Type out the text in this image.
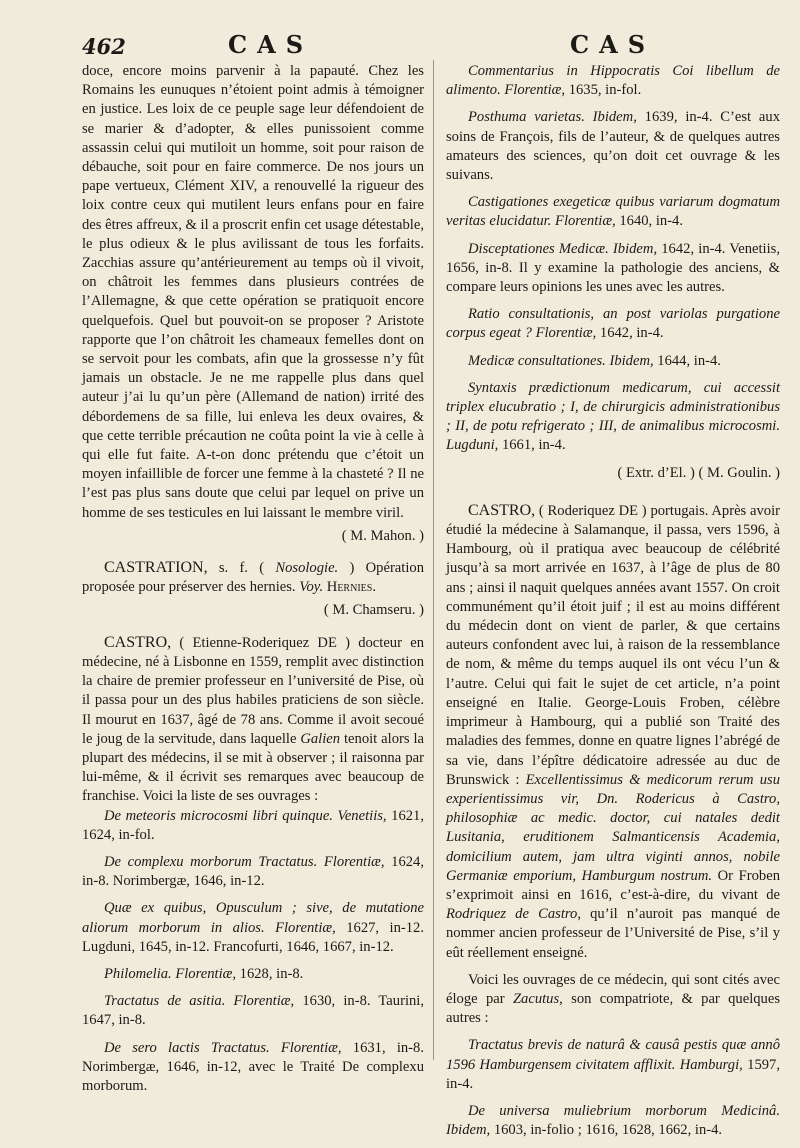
462	CAS	CAS

doce, encore moins parvenir à la papauté. Chez les Romains les eunuques n’étoient point admis à témoigner en justice. Les loix de ce peuple sage leur défendoient de se marier & d’adopter, & elles punissoient comme assassin celui qui mutiloit un homme, soit pour raison de débauche, soit pour en faire commerce. De nos jours un pape vertueux, Clément XIV, a renouvellé la rigueur des loix contre ceux qui mutilent leurs enfans pour en faire des êtres affreux, & il a proscrit enfin cet usage détestable, le plus odieux & le plus avilissant de tous les forfaits. Zacchias assure qu’antérieurement au temps où il vivoit, on châtroit les femmes dans plusieurs contrées de l’Allemagne, & que cette opération se pratiquoit encore quelquefois. Quel but pouvoit-on se proposer ? Aristote rapporte que l’on châtroit les chameaux femelles dont on se servoit pour les combats, afin que la grossesse n’y fût jamais un obstacle. Je ne me rappelle plus dans quel auteur j’ai lu qu’un père (Allemand de nation) irrité des débordemens de sa fille, lui enleva les deux ovaires, & que cette terrible précaution ne coûta point la vie à celle à qui elle fut faite. A-t-on donc prétendu que c’étoit un moyen infaillible de forcer une femme à la chasteté ? Il ne l’est pas plus sans doute que celui par lequel on prive un homme de ses testicules en lui laissant le membre viril.

( M. Mahon. )

CASTRATION, s. f. ( Nosologie. ) Opération proposée pour préserver des hernies. Voy. Hernies.

( M. Chamseru. )

CASTRO, ( Etienne-Roderiquez DE ) docteur en médecine, né à Lisbonne en 1559, remplit avec distinction la chaire de premier professeur en l’université de Pise, où il passa pour un des plus habiles praticiens de son siècle. Il mourut en 1637, âgé de 78 ans. Comme il avoit secoué le joug de la servitude, dans laquelle Galien tenoit alors la plupart des médecins, il se mit à observer ; il raisonna par lui-même, & il écrivit ses remarques avec beaucoup de franchise. Voici la liste de ses ouvrages :

De meteoris microcosmi libri quinque. Venetiis, 1621, 1624, in-fol.

De complexu morborum Tractatus. Florentiæ, 1624, in-8. Norimbergæ, 1646, in-12.

Quæ ex quibus, Opusculum ; sive, de mutatione aliorum morborum in alios. Florentiæ, 1627, in-12. Lugduni, 1645, in-12. Francofurti, 1646, 1667, in-12.

Philomelia. Florentiæ, 1628, in-8.

Tractatus de asitia. Florentiæ, 1630, in-8. Taurini, 1647, in-8.

De sero lactis Tractatus. Florentiæ, 1631, in-8. Norimbergæ, 1646, in-12, avec le Traité De complexu morborum.

Commentarius in Hippocratis Coi libellum de alimento. Florentiæ, 1635, in-fol.

Posthuma varietas. Ibidem, 1639, in-4. C’est aux soins de François, fils de l’auteur, & de quelques autres amateurs des sciences, qu’on doit cet ouvrage & les suivans.

Castigationes exegeticæ quibus variarum dogmatum veritas elucidatur. Florentiæ, 1640, in-4.

Disceptationes Medicæ. Ibidem, 1642, in-4. Venetiis, 1656, in-8. Il y examine la pathologie des anciens, & compare leurs opinions les unes avec les autres.

Ratio consultationis, an post variolas purgatione corpus egeat ? Florentiæ, 1642, in-4.

Medicæ consultationes. Ibidem, 1644, in-4.

Syntaxis prædictionum medicarum, cui accessit triplex elucubratio ; I, de chirurgicis administrationibus ; II, de potu refrigerato ; III, de animalibus microcosmi. Lugduni, 1661, in-4.

( Extr. d’El. ) ( M. Goulin. )

CASTRO, ( Roderiquez DE ) portugais. Après avoir étudié la médecine à Salamanque, il passa, vers 1596, à Hambourg, où il pratiqua avec beaucoup de célébrité jusqu’à sa mort arrivée en 1637, à l’âge de plus de 80 ans ; ainsi il naquit quelques années avant 1557. On croit communément qu’il étoit juif ; il est au moins différent du médecin dont on vient de parler, & que certains auteurs confondent avec lui, à raison de la ressemblance de nom, & même du temps auquel ils ont vécu l’un & l’autre. Celui qui fait le sujet de cet article, n’a point enseigné en Italie. George-Louis Froben, célèbre imprimeur à Hambourg, qui a publié son Traité des maladies des femmes, donne en quatre lignes l’abrégé de sa vie, dans l’épître dédicatoire adressée au duc de Brunswick : Excellentissimus & medicorum rerum usu experientissimus vir, Dn. Rodericus à Castro, philosophiæ ac medic. doctor, cui natales dedit Lusitania, eruditionem Salmanticensis Academia, domicilium autem, jam ultra viginti annos, nobile Germaniæ emporium, Hamburgum nostrum. Or Froben s’exprimoit ainsi en 1616, c’est-à-dire, du vivant de Rodriquez de Castro, qu’il n’auroit pas manqué de nommer ancien professeur de l’Université de Pise, s’il y eût réellement enseigné.

Voici les ouvrages de ce médecin, qui sont cités avec éloge par Zacutus, son compatriote, & par quelques autres :

Tractatus brevis de naturâ & causâ pestis quæ annô 1596 Hamburgensem civitatem afflixit. Hamburgi, 1597, in-4.

De universa muliebrium morborum Medicinâ. Ibidem, 1603, in-folio ; 1616, 1628, 1662, in-4.
